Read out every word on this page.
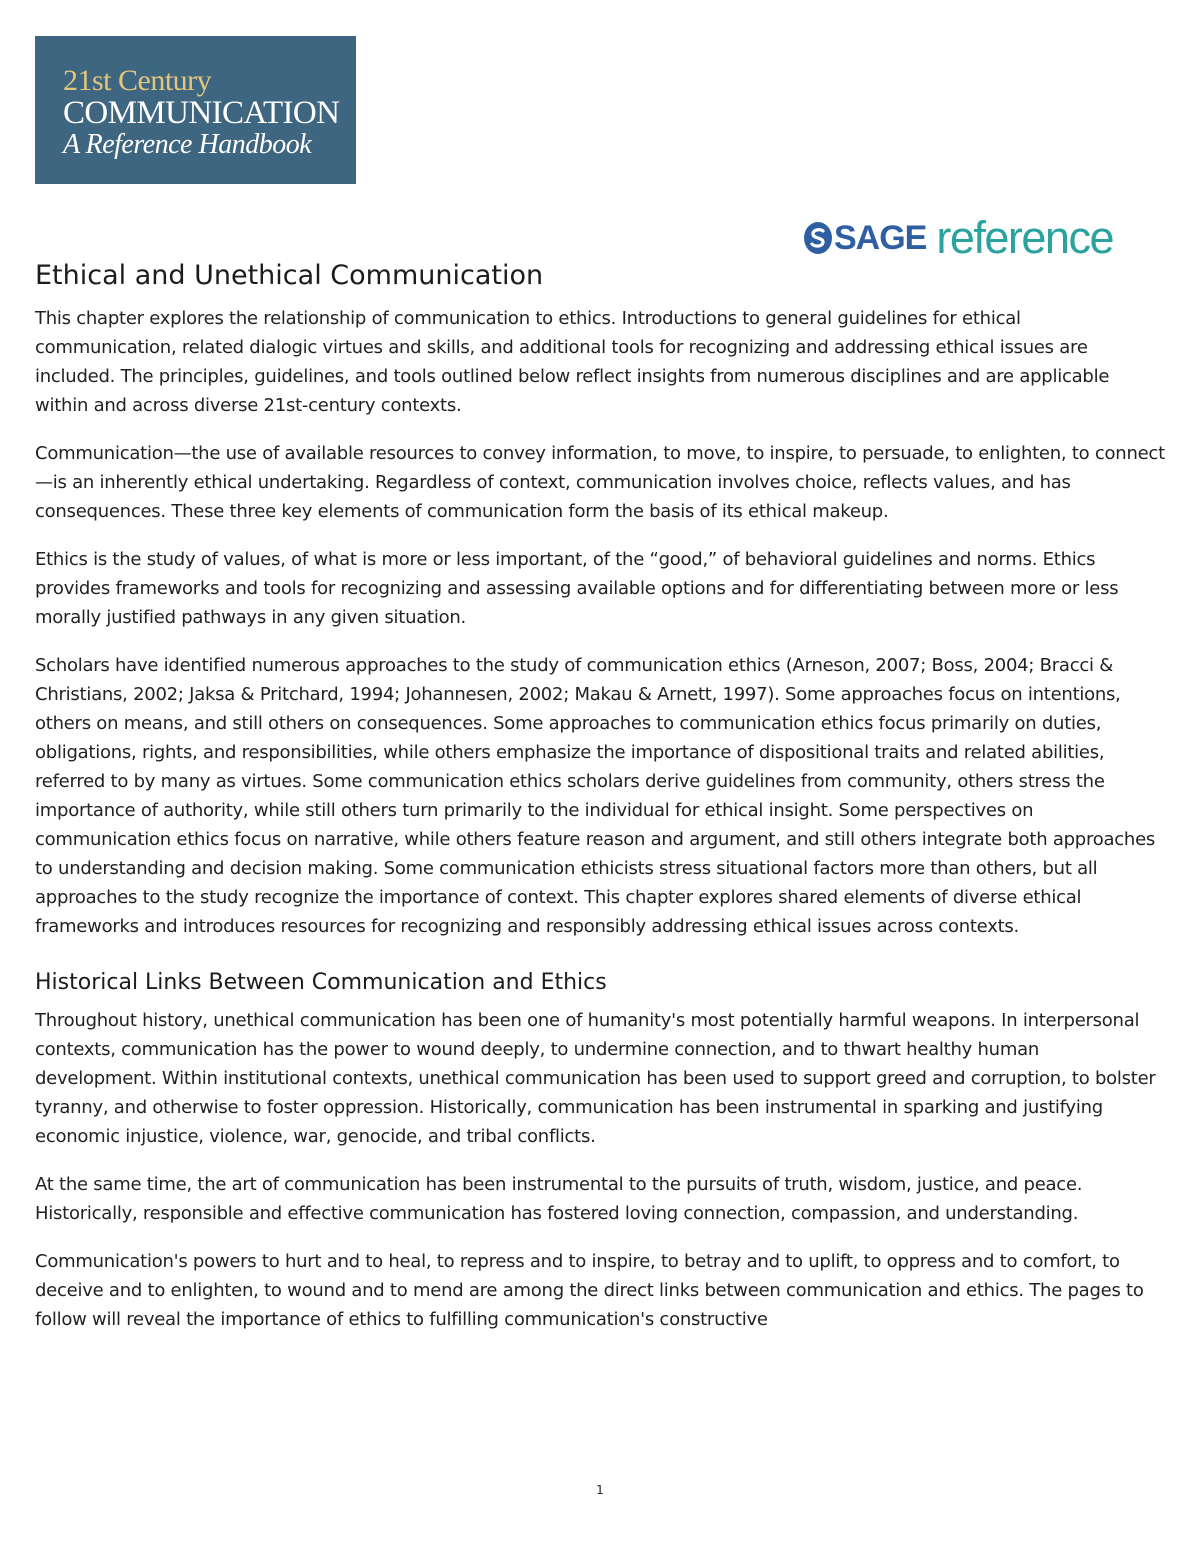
21st Century
COMMUNICATION
A Reference Handbook
SAGE reference
Ethical and Unethical Communication

This chapter explores the relationship of communication to ethics. Introductions to general guidelines for ethical communication, related dialogic virtues and skills, and additional tools for recognizing and addressing ethical issues are included. The principles, guidelines, and tools outlined below reflect insights from numerous disciplines and are applicable within and across diverse 21st-century contexts.

Communication—the use of available resources to convey information, to move, to inspire, to persuade, to enlighten, to connect—is an inherently ethical undertaking. Regardless of context, communication involves choice, reflects values, and has consequences. These three key elements of communication form the basis of its ethical makeup.

Ethics is the study of values, of what is more or less important, of the “good,” of behavioral guidelines and norms. Ethics provides frameworks and tools for recognizing and assessing available options and for differentiating between more or less morally justified pathways in any given situation.

Scholars have identified numerous approaches to the study of communication ethics (Arneson, 2007; Boss, 2004; Bracci & Christians, 2002; Jaksa & Pritchard, 1994; Johannesen, 2002; Makau & Arnett, 1997). Some approaches focus on intentions, others on means, and still others on consequences. Some approaches to communication ethics focus primarily on duties, obligations, rights, and responsibilities, while others emphasize the importance of dispositional traits and related abilities, referred to by many as virtues. Some communication ethics scholars derive guidelines from community, others stress the importance of authority, while still others turn primarily to the individual for ethical insight. Some perspectives on communication ethics focus on narrative, while others feature reason and argument, and still others integrate both approaches to understanding and decision making. Some communication ethicists stress situational factors more than others, but all approaches to the study recognize the importance of context. This chapter explores shared elements of diverse ethical frameworks and introduces resources for recognizing and responsibly addressing ethical issues across contexts.

Historical Links Between Communication and Ethics

Throughout history, unethical communication has been one of humanity's most potentially harmful weapons. In interpersonal contexts, communication has the power to wound deeply, to undermine connection, and to thwart healthy human development. Within institutional contexts, unethical communication has been used to support greed and corruption, to bolster tyranny, and otherwise to foster oppression. Historically, communication has been instrumental in sparking and justifying economic injustice, violence, war, genocide, and tribal conflicts.

At the same time, the art of communication has been instrumental to the pursuits of truth, wisdom, justice, and peace. Historically, responsible and effective communication has fostered loving connection, compassion, and understanding.

Communication's powers to hurt and to heal, to repress and to inspire, to betray and to uplift, to oppress and to comfort, to deceive and to enlighten, to wound and to mend are among the direct links between communication and ethics. The pages to follow will reveal the importance of ethics to fulfilling communication's constructive

1
